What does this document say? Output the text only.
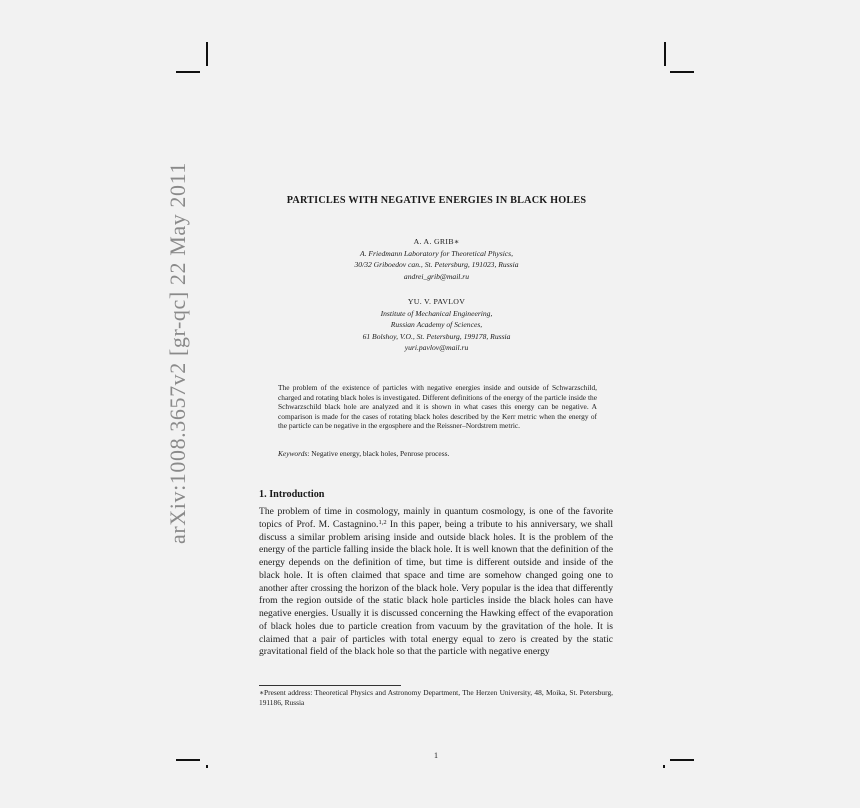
arXiv:1008.3657v2 [gr-qc] 22 May 2011	PARTICLES WITH NEGATIVE ENERGIES IN BLACK HOLES
A. A. GRIB∗
A. Friedmann Laboratory for Theoretical Physics,
30/32 Griboedov can., St. Petersburg, 191023, Russia
andrei_grib@mail.ru
YU. V. PAVLOV
Institute of Mechanical Engineering,
Russian Academy of Sciences,
61 Bolshoy, V.O., St. Petersburg, 199178, Russia
yuri.pavlov@mail.ru
The problem of the existence of particles with negative energies inside and outside of Schwarzschild, charged and rotating black holes is investigated. Different definitions of the energy of the particle inside the Schwarzschild black hole are analyzed and it is shown in what cases this energy can be negative. A comparison is made for the cases of rotating black holes described by the Kerr metric when the energy of the particle can be negative in the ergosphere and the Reissner–Nordstrem metric.
Keywords: Negative energy, black holes, Penrose process.
1. Introduction
The problem of time in cosmology, mainly in quantum cosmology, is one of the favorite topics of Prof. M. Castagnino.$^{1,2}$ In this paper, being a tribute to his anniversary, we shall discuss a similar problem arising inside and outside black holes. It is the problem of the energy of the particle falling inside the black hole. It is well known that the definition of the energy depends on the definition of time, but time is different outside and inside of the black hole. It is often claimed that space and time are somehow changed going one to another after crossing the horizon of the black hole. Very popular is the idea that differently from the region outside of the static black hole particles inside the black holes can have negative energies. Usually it is discussed concerning the Hawking effect of the evaporation of black holes due to particle creation from vacuum by the gravitation of the hole. It is claimed that a pair of particles with total energy equal to zero is created by the static gravitational field of the black hole so that the particle with negative energy
∗Present address: Theoretical Physics and Astronomy Department, The Herzen University, 48, Moika, St. Petersburg, 191186, Russia
1
